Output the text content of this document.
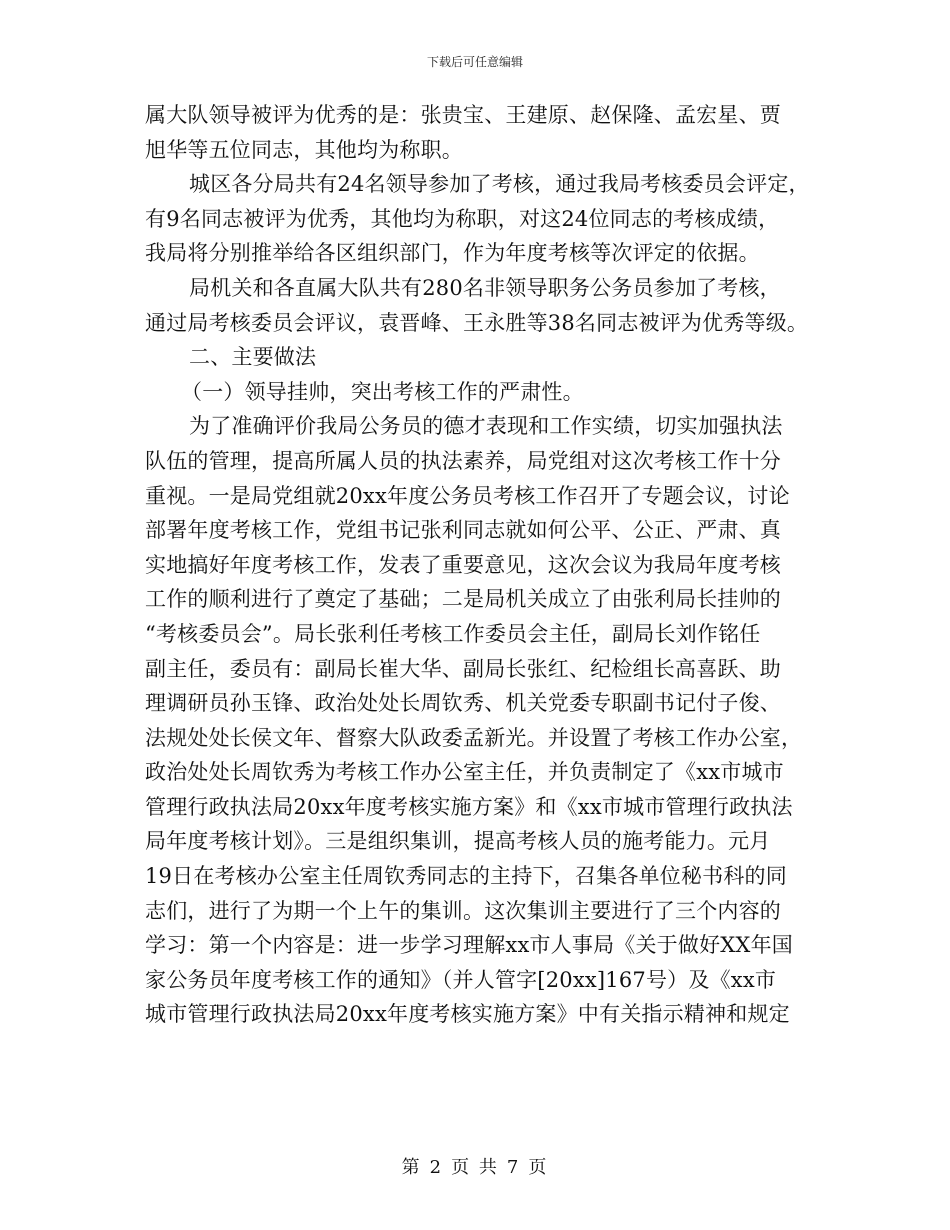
下载后可任意编辑
属大队领导被评为优秀的是：张贵宝、王建原、赵保隆、孟宏星、贾
旭华等五位同志，其他均为称职。
城区各分局共有24名领导参加了考核，通过我局考核委员会评定，
有9名同志被评为优秀，其他均为称职，对这24位同志的考核成绩，
我局将分别推举给各区组织部门，作为年度考核等次评定的依据。
局机关和各直属大队共有280名非领导职务公务员参加了考核，
通过局考核委员会评议，袁晋峰、王永胜等38名同志被评为优秀等级。
二、主要做法
（一）领导挂帅，突出考核工作的严肃性。
为了准确评价我局公务员的德才表现和工作实绩，切实加强执法
队伍的管理，提高所属人员的执法素养，局党组对这次考核工作十分
重视。一是局党组就20xx年度公务员考核工作召开了专题会议，讨论
部署年度考核工作，党组书记张利同志就如何公平、公正、严肃、真
实地搞好年度考核工作，发表了重要意见，这次会议为我局年度考核
工作的顺利进行了奠定了基础；二是局机关成立了由张利局长挂帅的
“考核委员会”。局长张利任考核工作委员会主任，副局长刘作铭任
副主任，委员有：副局长崔大华、副局长张红、纪检组长高喜跃、助
理调研员孙玉锋、政治处处长周钦秀、机关党委专职副书记付子俊、
法规处处长侯文年、督察大队政委孟新光。并设置了考核工作办公室，
政治处处长周钦秀为考核工作办公室主任，并负责制定了《xx市城市
管理行政执法局20xx年度考核实施方案》和《xx市城市管理行政执法
局年度考核计划》。三是组织集训，提高考核人员的施考能力。元月
19日在考核办公室主任周钦秀同志的主持下，召集各单位秘书科的同
志们，进行了为期一个上午的集训。这次集训主要进行了三个内容的
学习：第一个内容是：进一步学习理解xx市人事局《关于做好XX年国
家公务员年度考核工作的通知》（并人管字[20xx]167号）及《xx市
城市管理行政执法局20xx年度考核实施方案》中有关指示精神和规定
第 2 页 共 7 页
